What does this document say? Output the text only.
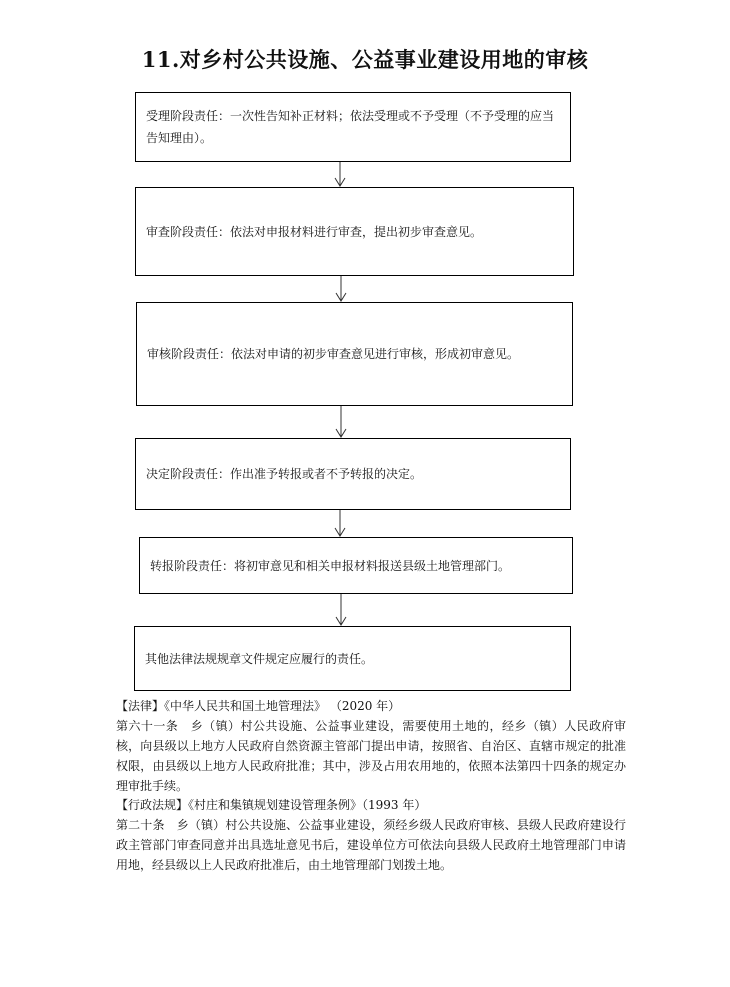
11.对乡村公共设施、公益事业建设用地的审核
受理阶段责任：一次性告知补正材料；依法受理或不予受理（不予受理的应当告知理由）。
审查阶段责任：依法对申报材料进行审查，提出初步审查意见。
审核阶段责任：依法对申请的初步审查意见进行审核，形成初审意见。
决定阶段责任：作出准予转报或者不予转报的决定。
转报阶段责任：将初审意见和相关申报材料报送县级土地管理部门。
其他法律法规规章文件规定应履行的责任。
【法律】《中华人民共和国土地管理法》 （2020 年）
第六十一条　乡（镇）村公共设施、公益事业建设，需要使用土地的，经乡（镇）人民政府审核，向县级以上地方人民政府自然资源主管部门提出申请，按照省、自治区、直辖市规定的批准权限，由县级以上地方人民政府批准；其中，涉及占用农用地的，依照本法第四十四条的规定办理审批手续。
【行政法规】《村庄和集镇规划建设管理条例》（1993 年）
第二十条　乡（镇）村公共设施、公益事业建设，须经乡级人民政府审核、县级人民政府建设行政主管部门审查同意并出具选址意见书后，建设单位方可依法向县级人民政府土地管理部门申请用地，经县级以上人民政府批准后，由土地管理部门划拨土地。
